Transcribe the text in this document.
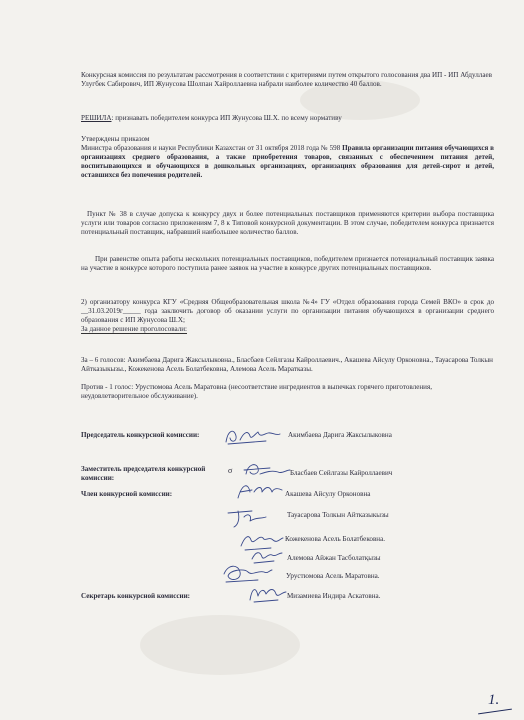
Конкурсная комиссия по результатам рассмотрения в соответствии с критериями путем открытого голосования два ИП - ИП Абдуллаев Улугбек Сабирович, ИП Жунусова Шолпан Хайроллаевна набрали наиболее количество 40 баллов.

РЕШИЛА: признавать победителем конкурса ИП Жунусова Ш.Х. по всему нормативу

Утверждены приказом

Министра образования и науки Республики Казахстан от 31 октября 2018 года № 598 Правила организации питания обучающихся в организациях среднего образования, а также приобретения товаров, связанных с обеспечением питания детей, воспитывающихся и обучающихся в дошкольных организациях, организациях образования для детей-сирот и детей, оставшихся без попечения родителей.

Пункт № 38 в случае допуска к конкурсу двух и более потенциальных поставщиков применяются критерии выбора поставщика услуги или товаров согласно приложениям 7, 8 к Типовой конкурсной документации. В этом случае, победителем конкурса признается потенциальный поставщик, набравший наибольшее количество баллов.

При равенстве опыта работы нескольких потенциальных поставщиков, победителем признается потенциальный поставщик заявка на участие в конкурсе которого поступила ранее заявок на участие в конкурсе других потенциальных поставщиков.

2) организатору конкурса КГУ «Средняя Общеобразовательная школа №4» ГУ «Отдел образования города Семей ВКО» в срок до __31.03.2019г_____ года заключить договор об оказании услуги по организации питания обучающихся в организации среднего образования с ИП Жунусова Ш.Х;

За данное решение проголосовали:

За – 6 голосов: Акимбаева Дарига Жаксылыковна., Бласбаев Сейлгазы Кайроллаевич., Акашева Айсулу Орконовна., Тауасарова Толкын Айтказыкызы., Кожекенова Асель Болатбековна, Алемова Асель Маратказы.

Против - 1 голос: Урустюмова Асель Маратовна (несоответствие ингредиентов в выпечках горячего приготовления, неудовлетворительное обслуживание).

Председатель конкурсной комиссии:	Акимбаева Дарига Жаксылыковна
Заместитель председателя конкурсной комиссии:
σ	Бласбаев Сейлгазы Кайроллаевич
Член конкурсной комиссии:	Акашева Айсулу Орконовна
Тауасарова Толкын Айтказыкызы
Кожекенова Асель Болатбековна.
Алемова Айжан Тасболатқызы
Урустюмова Асель Маратовна.
Секретарь конкурсной комиссии:	Мизамиева Индира Аскатовна.
1.
